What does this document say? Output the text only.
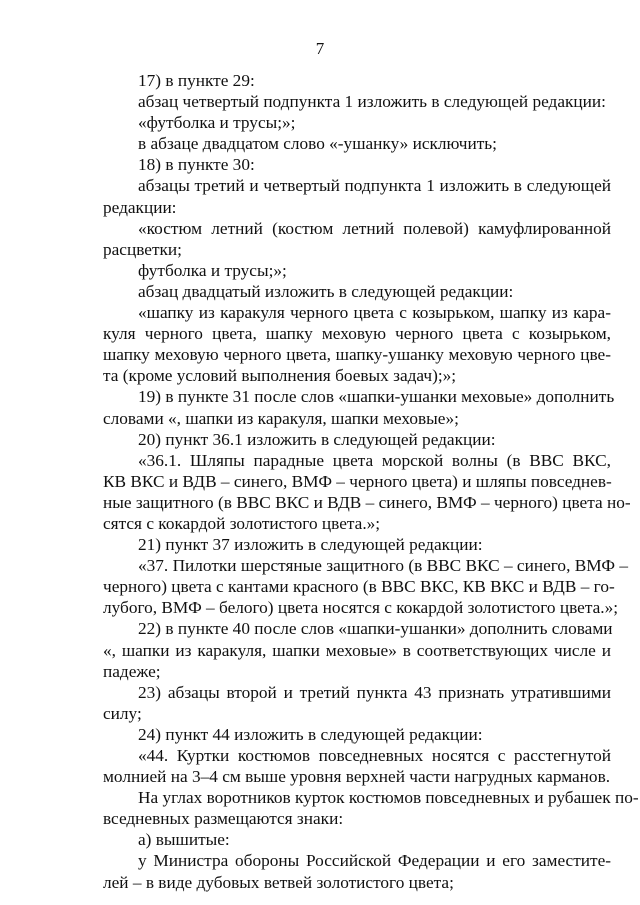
7
17) в пункте 29:
абзац четвертый подпункта 1 изложить в следующей редакции:
«футболка и трусы;»;
в абзаце двадцатом слово «-ушанку» исключить;
18) в пункте 30:
абзацы третий и четвертый подпункта 1 изложить в следующей
редакции:
«костюм летний (костюм летний полевой) камуфлированной
расцветки;
футболка и трусы;»;
абзац двадцатый изложить в следующей редакции:
«шапку из каракуля черного цвета с козырьком, шапку из кара-
куля черного цвета, шапку меховую черного цвета с козырьком,
шапку меховую черного цвета, шапку-ушанку меховую черного цве-
та (кроме условий выполнения боевых задач);»;
19) в пункте 31 после слов «шапки-ушанки меховые» дополнить
словами «, шапки из каракуля, шапки меховые»;
20) пункт 36.1 изложить в следующей редакции:
«36.1. Шляпы парадные цвета морской волны (в ВВС ВКС,
КВ ВКС и ВДВ – синего, ВМФ – черного цвета) и шляпы повседнев-
ные защитного (в ВВС ВКС и ВДВ – синего, ВМФ – черного) цвета но-
сятся с кокардой золотистого цвета.»;
21) пункт 37 изложить в следующей редакции:
«37. Пилотки шерстяные защитного (в ВВС ВКС – синего, ВМФ –
черного) цвета с кантами красного (в ВВС ВКС, КВ ВКС и ВДВ – го-
лубого, ВМФ – белого) цвета носятся с кокардой золотистого цвета.»;
22) в пункте 40 после слов «шапки-ушанки» дополнить словами
«, шапки из каракуля, шапки меховые» в соответствующих числе и
падеже;
23) абзацы второй и третий пункта 43 признать утратившими
силу;
24) пункт 44 изложить в следующей редакции:
«44. Куртки костюмов повседневных носятся с расстегнутой
молнией на 3–4 см выше уровня верхней части нагрудных карманов.
На углах воротников курток костюмов повседневных и рубашек по-
вседневных размещаются знаки:
а) вышитые:
у Министра обороны Российской Федерации и его заместите-
лей – в виде дубовых ветвей золотистого цвета;
